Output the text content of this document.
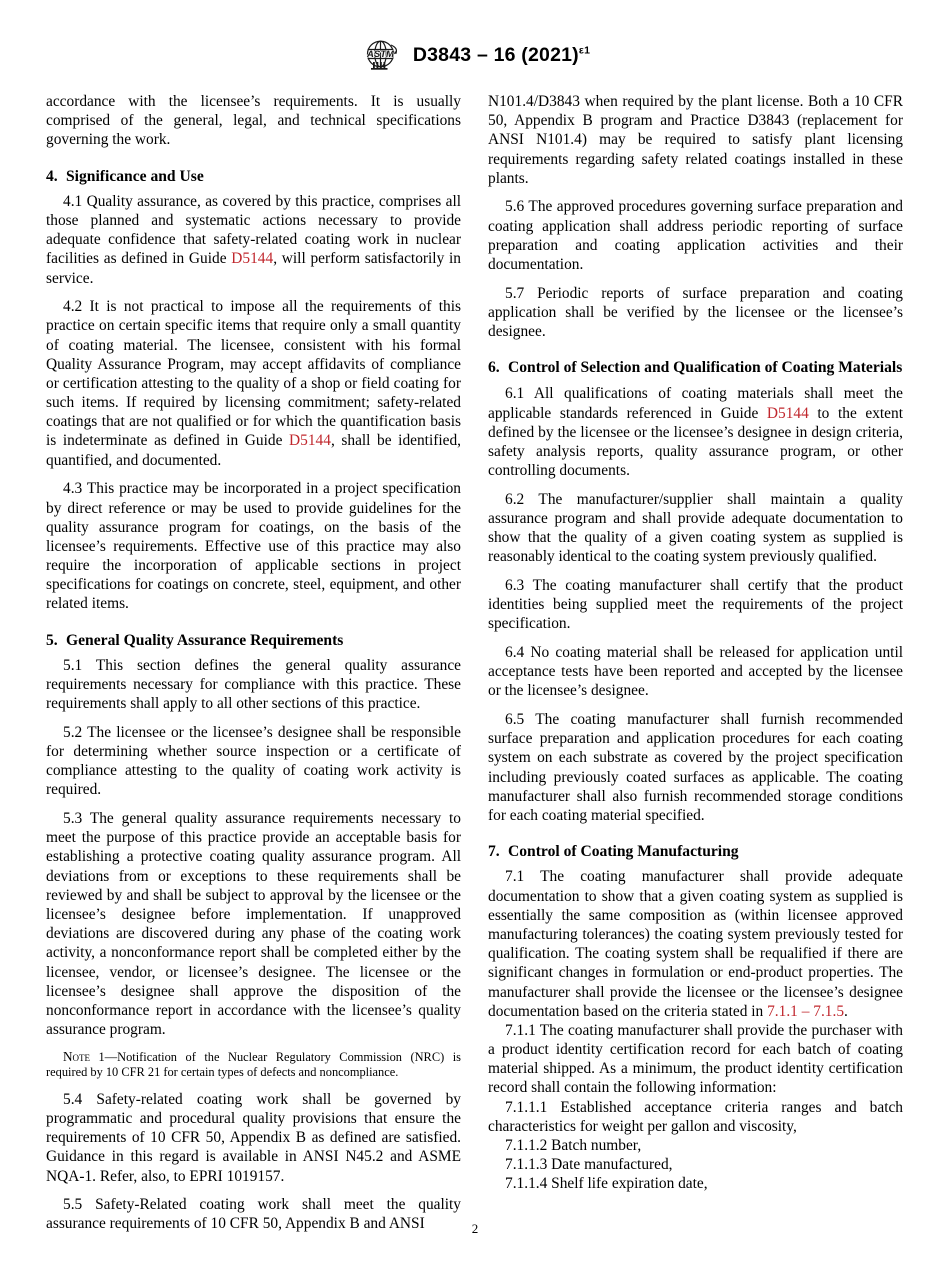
ASTM D3843 – 16 $(2021)^{\varepsilon 1}$

accordance with the licensee’s requirements. It is usually comprised of the general, legal, and technical specifications governing the work.

4. Significance and Use

4.1 Quality assurance, as covered by this practice, comprises all those planned and systematic actions necessary to provide adequate confidence that safety-related coating work in nuclear facilities as defined in Guide D5144, will perform satisfactorily in service.

4.2 It is not practical to impose all the requirements of this practice on certain specific items that require only a small quantity of coating material. The licensee, consistent with his formal Quality Assurance Program, may accept affidavits of compliance or certification attesting to the quality of a shop or field coating for such items. If required by licensing commitment; safety-related coatings that are not qualified or for which the quantification basis is indeterminate as defined in Guide D5144, shall be identified, quantified, and documented.

4.3 This practice may be incorporated in a project specification by direct reference or may be used to provide guidelines for the quality assurance program for coatings, on the basis of the licensee’s requirements. Effective use of this practice may also require the incorporation of applicable sections in project specifications for coatings on concrete, steel, equipment, and other related items.

5. General Quality Assurance Requirements

5.1 This section defines the general quality assurance requirements necessary for compliance with this practice. These requirements shall apply to all other sections of this practice.

5.2 The licensee or the licensee’s designee shall be responsible for determining whether source inspection or a certificate of compliance attesting to the quality of coating work activity is required.

5.3 The general quality assurance requirements necessary to meet the purpose of this practice provide an acceptable basis for establishing a protective coating quality assurance program. All deviations from or exceptions to these requirements shall be reviewed by and shall be subject to approval by the licensee or the licensee’s designee before implementation. If unapproved deviations are discovered during any phase of the coating work activity, a nonconformance report shall be completed either by the licensee, vendor, or licensee’s designee. The licensee or the licensee’s designee shall approve the disposition of the nonconformance report in accordance with the licensee’s quality assurance program.

Note 1—Notification of the Nuclear Regulatory Commission (NRC) is required by 10 CFR 21 for certain types of defects and noncompliance.

5.4 Safety-related coating work shall be governed by programmatic and procedural quality provisions that ensure the requirements of 10 CFR 50, Appendix B as defined are satisfied. Guidance in this regard is available in ANSI N45.2 and ASME NQA-1. Refer, also, to EPRI 1019157.

5.5 Safety-Related coating work shall meet the quality assurance requirements of 10 CFR 50, Appendix B and ANSI

N101.4/D3843 when required by the plant license. Both a 10 CFR 50, Appendix B program and Practice D3843 (replacement for ANSI N101.4) may be required to satisfy plant licensing requirements regarding safety related coatings installed in these plants.

5.6 The approved procedures governing surface preparation and coating application shall address periodic reporting of surface preparation and coating application activities and their documentation.

5.7 Periodic reports of surface preparation and coating application shall be verified by the licensee or the licensee’s designee.

6. Control of Selection and Qualification of Coating Materials

6.1 All qualifications of coating materials shall meet the applicable standards referenced in Guide D5144 to the extent defined by the licensee or the licensee’s designee in design criteria, safety analysis reports, quality assurance program, or other controlling documents.

6.2 The manufacturer/supplier shall maintain a quality assurance program and shall provide adequate documentation to show that the quality of a given coating system as supplied is reasonably identical to the coating system previously qualified.

6.3 The coating manufacturer shall certify that the product identities being supplied meet the requirements of the project specification.

6.4 No coating material shall be released for application until acceptance tests have been reported and accepted by the licensee or the licensee’s designee.

6.5 The coating manufacturer shall furnish recommended surface preparation and application procedures for each coating system on each substrate as covered by the project specification including previously coated surfaces as applicable. The coating manufacturer shall also furnish recommended storage conditions for each coating material specified.

7. Control of Coating Manufacturing

7.1 The coating manufacturer shall provide adequate documentation to show that a given coating system as supplied is essentially the same composition as (within licensee approved manufacturing tolerances) the coating system previously tested for qualification. The coating system shall be requalified if there are significant changes in formulation or end-product properties. The manufacturer shall provide the licensee or the licensee’s designee documentation based on the criteria stated in 7.1.1 – 7.1.5.

7.1.1 The coating manufacturer shall provide the purchaser with a product identity certification record for each batch of coating material shipped. As a minimum, the product identity certification record shall contain the following information:

7.1.1.1 Established acceptance criteria ranges and batch characteristics for weight per gallon and viscosity,

7.1.1.2 Batch number,

7.1.1.3 Date manufactured,

7.1.1.4 Shelf life expiration date,

2
